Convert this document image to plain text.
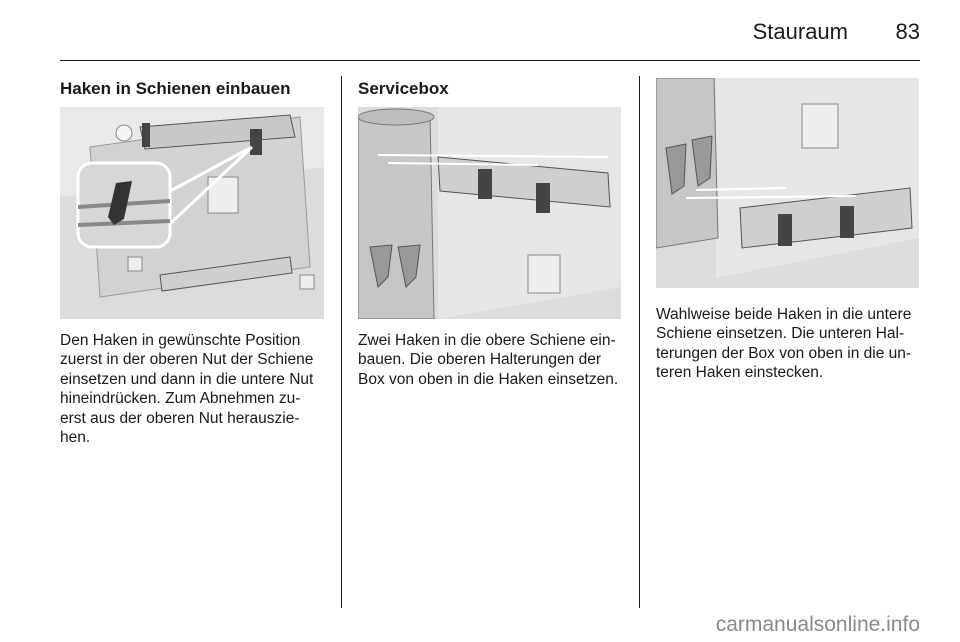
Stauraum	83
Haken in Schienen einbauen

Den Haken in gewünschte Position
zuerst in der oberen Nut der Schiene
einsetzen und dann in die untere Nut
hineindrücken. Zum Abnehmen zu-
erst aus der oberen Nut herauszie-
hen.

Servicebox

Zwei Haken in die obere Schiene ein-
bauen. Die oberen Halterungen der
Box von oben in die Haken einsetzen.

Wahlweise beide Haken in die untere
Schiene einsetzen. Die unteren Hal-
terungen der Box von oben in die un-
teren Haken einstecken.

carmanualsonline.info
